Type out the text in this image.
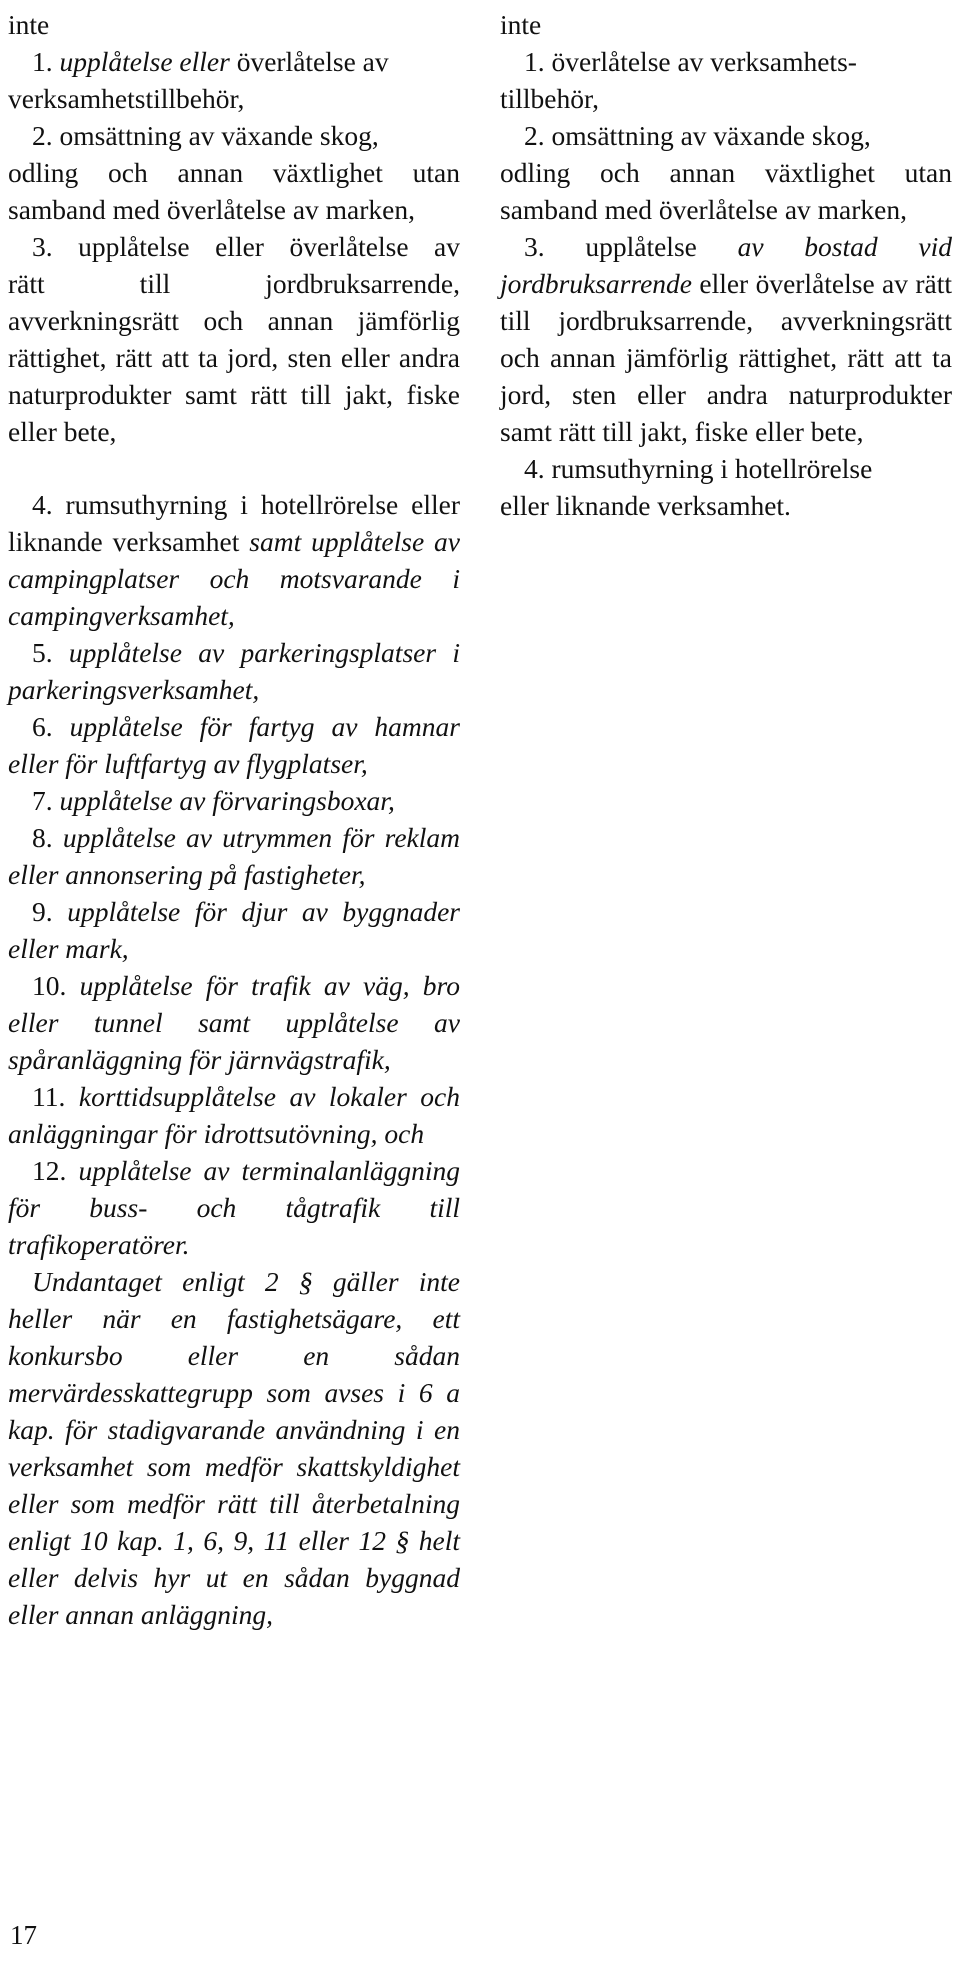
inte

1. upplåtelse eller överlåtelse av

verksamhetstillbehör,

2. omsättning av växande skog,

odling och annan växtlighet utan samband med överlåtelse av marken,

3. upplåtelse eller överlåtelse av

rätt till jordbruksarrende, avverkningsrätt och annan jämförlig rättighet, rätt att ta jord, sten eller andra naturprodukter samt rätt till jakt, fiske eller bete,

4. rumsuthyrning i hotellrörelse eller liknande verksamhet samt upplåtelse av campingplatser och motsvarande i campingverksamhet,

5. upplåtelse av parkeringsplatser i parkeringsverksamhet,

6. upplåtelse för fartyg av hamnar eller för luftfartyg av flygplatser,

7. upplåtelse av förvaringsboxar,

8. upplåtelse av utrymmen för reklam eller annonsering på fastigheter,

9. upplåtelse för djur av byggnader eller mark,

10. upplåtelse för trafik av väg, bro eller tunnel samt upplåtelse av spåranläggning för järnvägstrafik,

11. korttidsupplåtelse av lokaler och anläggningar för idrottsutövning, och

12. upplåtelse av terminalanläggning för buss- och tågtrafik till trafikoperatörer.

Undantaget enligt 2 § gäller inte heller när en fastighetsägare, ett konkursbo eller en sådan mervärdesskattegrupp som avses i 6 a kap. för stadigvarande användning i en verksamhet som medför skattskyldighet eller som medför rätt till återbetalning enligt 10 kap. 1, 6, 9, 11 eller 12 § helt eller delvis hyr ut en sådan byggnad eller annan anläggning,

inte

1. överlåtelse av verksamhets-

tillbehör,

2. omsättning av växande skog,

odling och annan växtlighet utan samband med överlåtelse av marken,

3. upplåtelse av bostad vid jordbruksarrende eller överlåtelse av rätt till jordbruksarrende, avverkningsrätt och annan jämförlig rättighet, rätt att ta jord, sten eller andra naturprodukter samt rätt till jakt, fiske eller bete,

4. rumsuthyrning i hotellrörelse

eller liknande verksamhet.

17
